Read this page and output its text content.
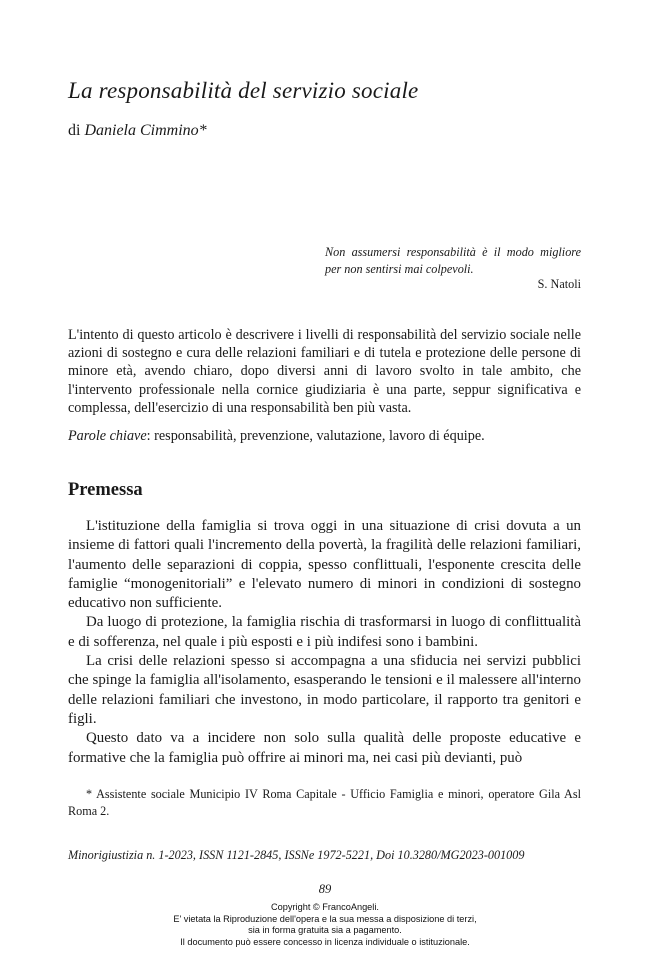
La responsabilità del servizio sociale
di Daniela Cimmino*
Non assumersi responsabilità è il modo migliore per non sentirsi mai colpevoli.
S. Natoli

L'intento di questo articolo è descrivere i livelli di responsabilità del servizio sociale nelle azioni di sostegno e cura delle relazioni familiari e di tutela e protezione delle persone di minore età, avendo chiaro, dopo diversi anni di lavoro svolto in tale ambito, che l'intervento professionale nella cornice giudiziaria è una parte, seppur significativa e complessa, dell'esercizio di una responsabilità ben più vasta.

Parole chiave: responsabilità, prevenzione, valutazione, lavoro di équipe.
Premessa

L'istituzione della famiglia si trova oggi in una situazione di crisi dovuta a un insieme di fattori quali l'incremento della povertà, la fragilità delle relazioni familiari, l'aumento delle separazioni di coppia, spesso conflittuali, l'esponente crescita delle famiglie “monogenitoriali” e l'elevato numero di minori in condizioni di sostegno educativo non sufficiente.

Da luogo di protezione, la famiglia rischia di trasformarsi in luogo di conflittualità e di sofferenza, nel quale i più esposti e i più indifesi sono i bambini.

La crisi delle relazioni spesso si accompagna a una sfiducia nei servizi pubblici che spinge la famiglia all'isolamento, esasperando le tensioni e il malessere all'interno delle relazioni familiari che investono, in modo particolare, il rapporto tra genitori e figli.

Questo dato va a incidere non solo sulla qualità delle proposte educative e formative che la famiglia può offrire ai minori ma, nei casi più devianti, può

* Assistente sociale Municipio IV Roma Capitale - Ufficio Famiglia e minori, operatore Gila Asl Roma 2.
Minorigiustizia n. 1-2023, ISSN 1121-2845, ISSNe 1972-5221, Doi 10.3280/MG2023-001009
89
Copyright © FrancoAngeli.
E' vietata la Riproduzione dell'opera e la sua messa a disposizione di terzi,
sia in forma gratuita sia a pagamento.
Il documento può essere concesso in licenza individuale o istituzionale.
